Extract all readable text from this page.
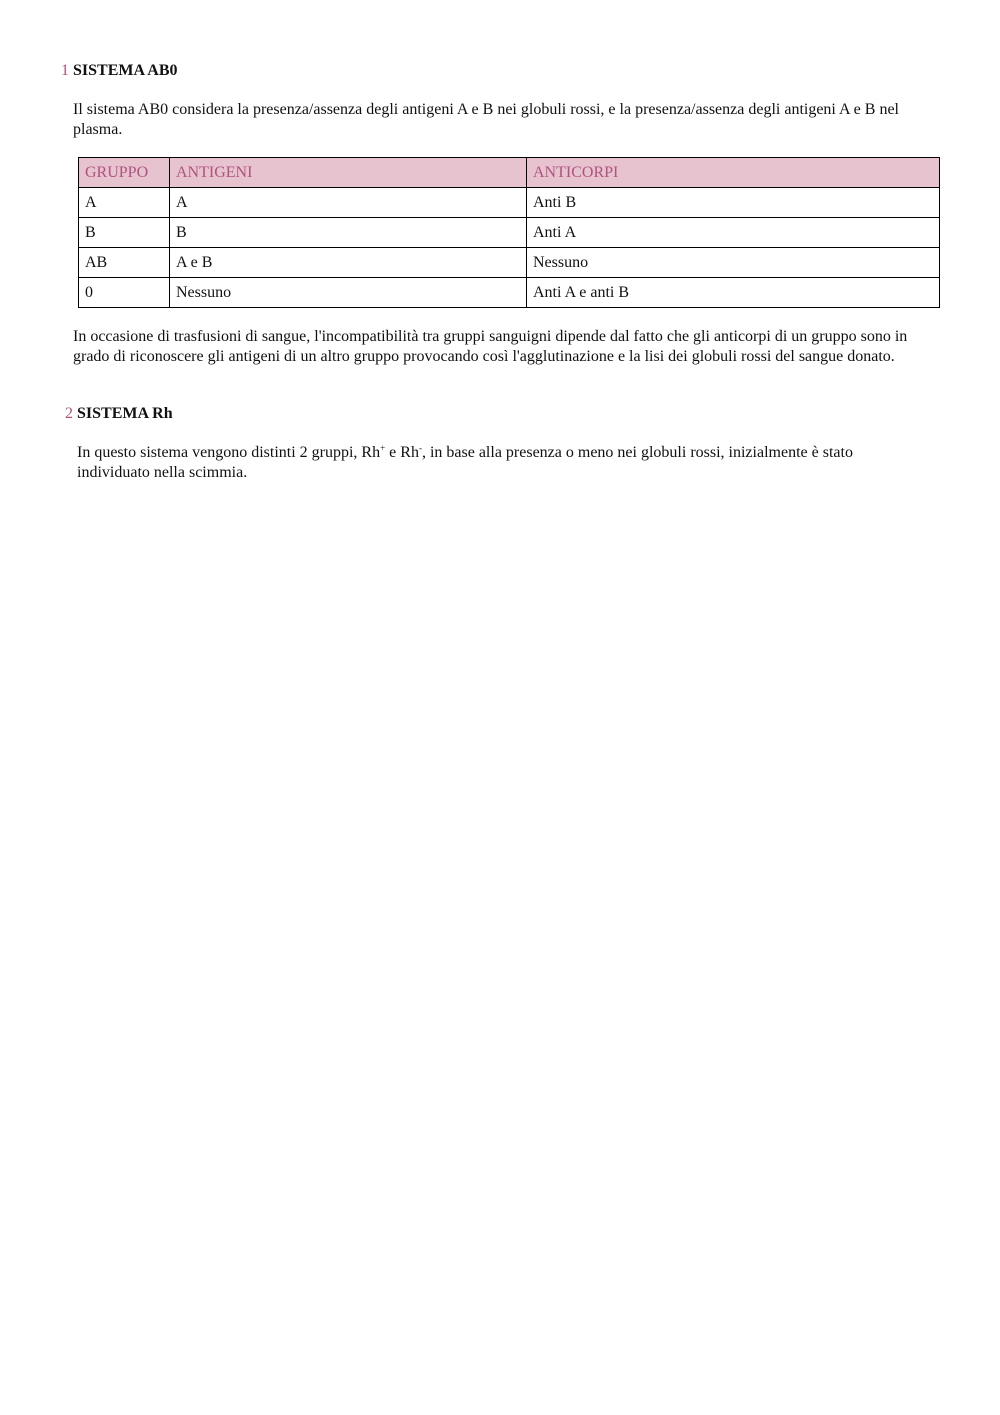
1 SISTEMA AB0

Il sistema AB0 considera la presenza/assenza degli antigeni A e B nei globuli rossi, e la presenza/assenza degli antigeni A e B nel plasma.

GRUPPO	ANTIGENI	ANTICORPI
A	A	Anti B
B	B	Anti A
AB	A e B	Nessuno
0	Nessuno	Anti A e anti B

In occasione di trasfusioni di sangue, l'incompatibilità tra gruppi sanguigni dipende dal fatto che gli anticorpi di un gruppo sono in grado di riconoscere gli antigeni di un altro gruppo provocando così l'agglutinazione e la lisi dei globuli rossi del sangue donato.

2 SISTEMA Rh

In questo sistema vengono distinti 2 gruppi, Rh+ e Rh-, in base alla presenza o meno nei globuli rossi, inizialmente è stato individuato nella scimmia.
